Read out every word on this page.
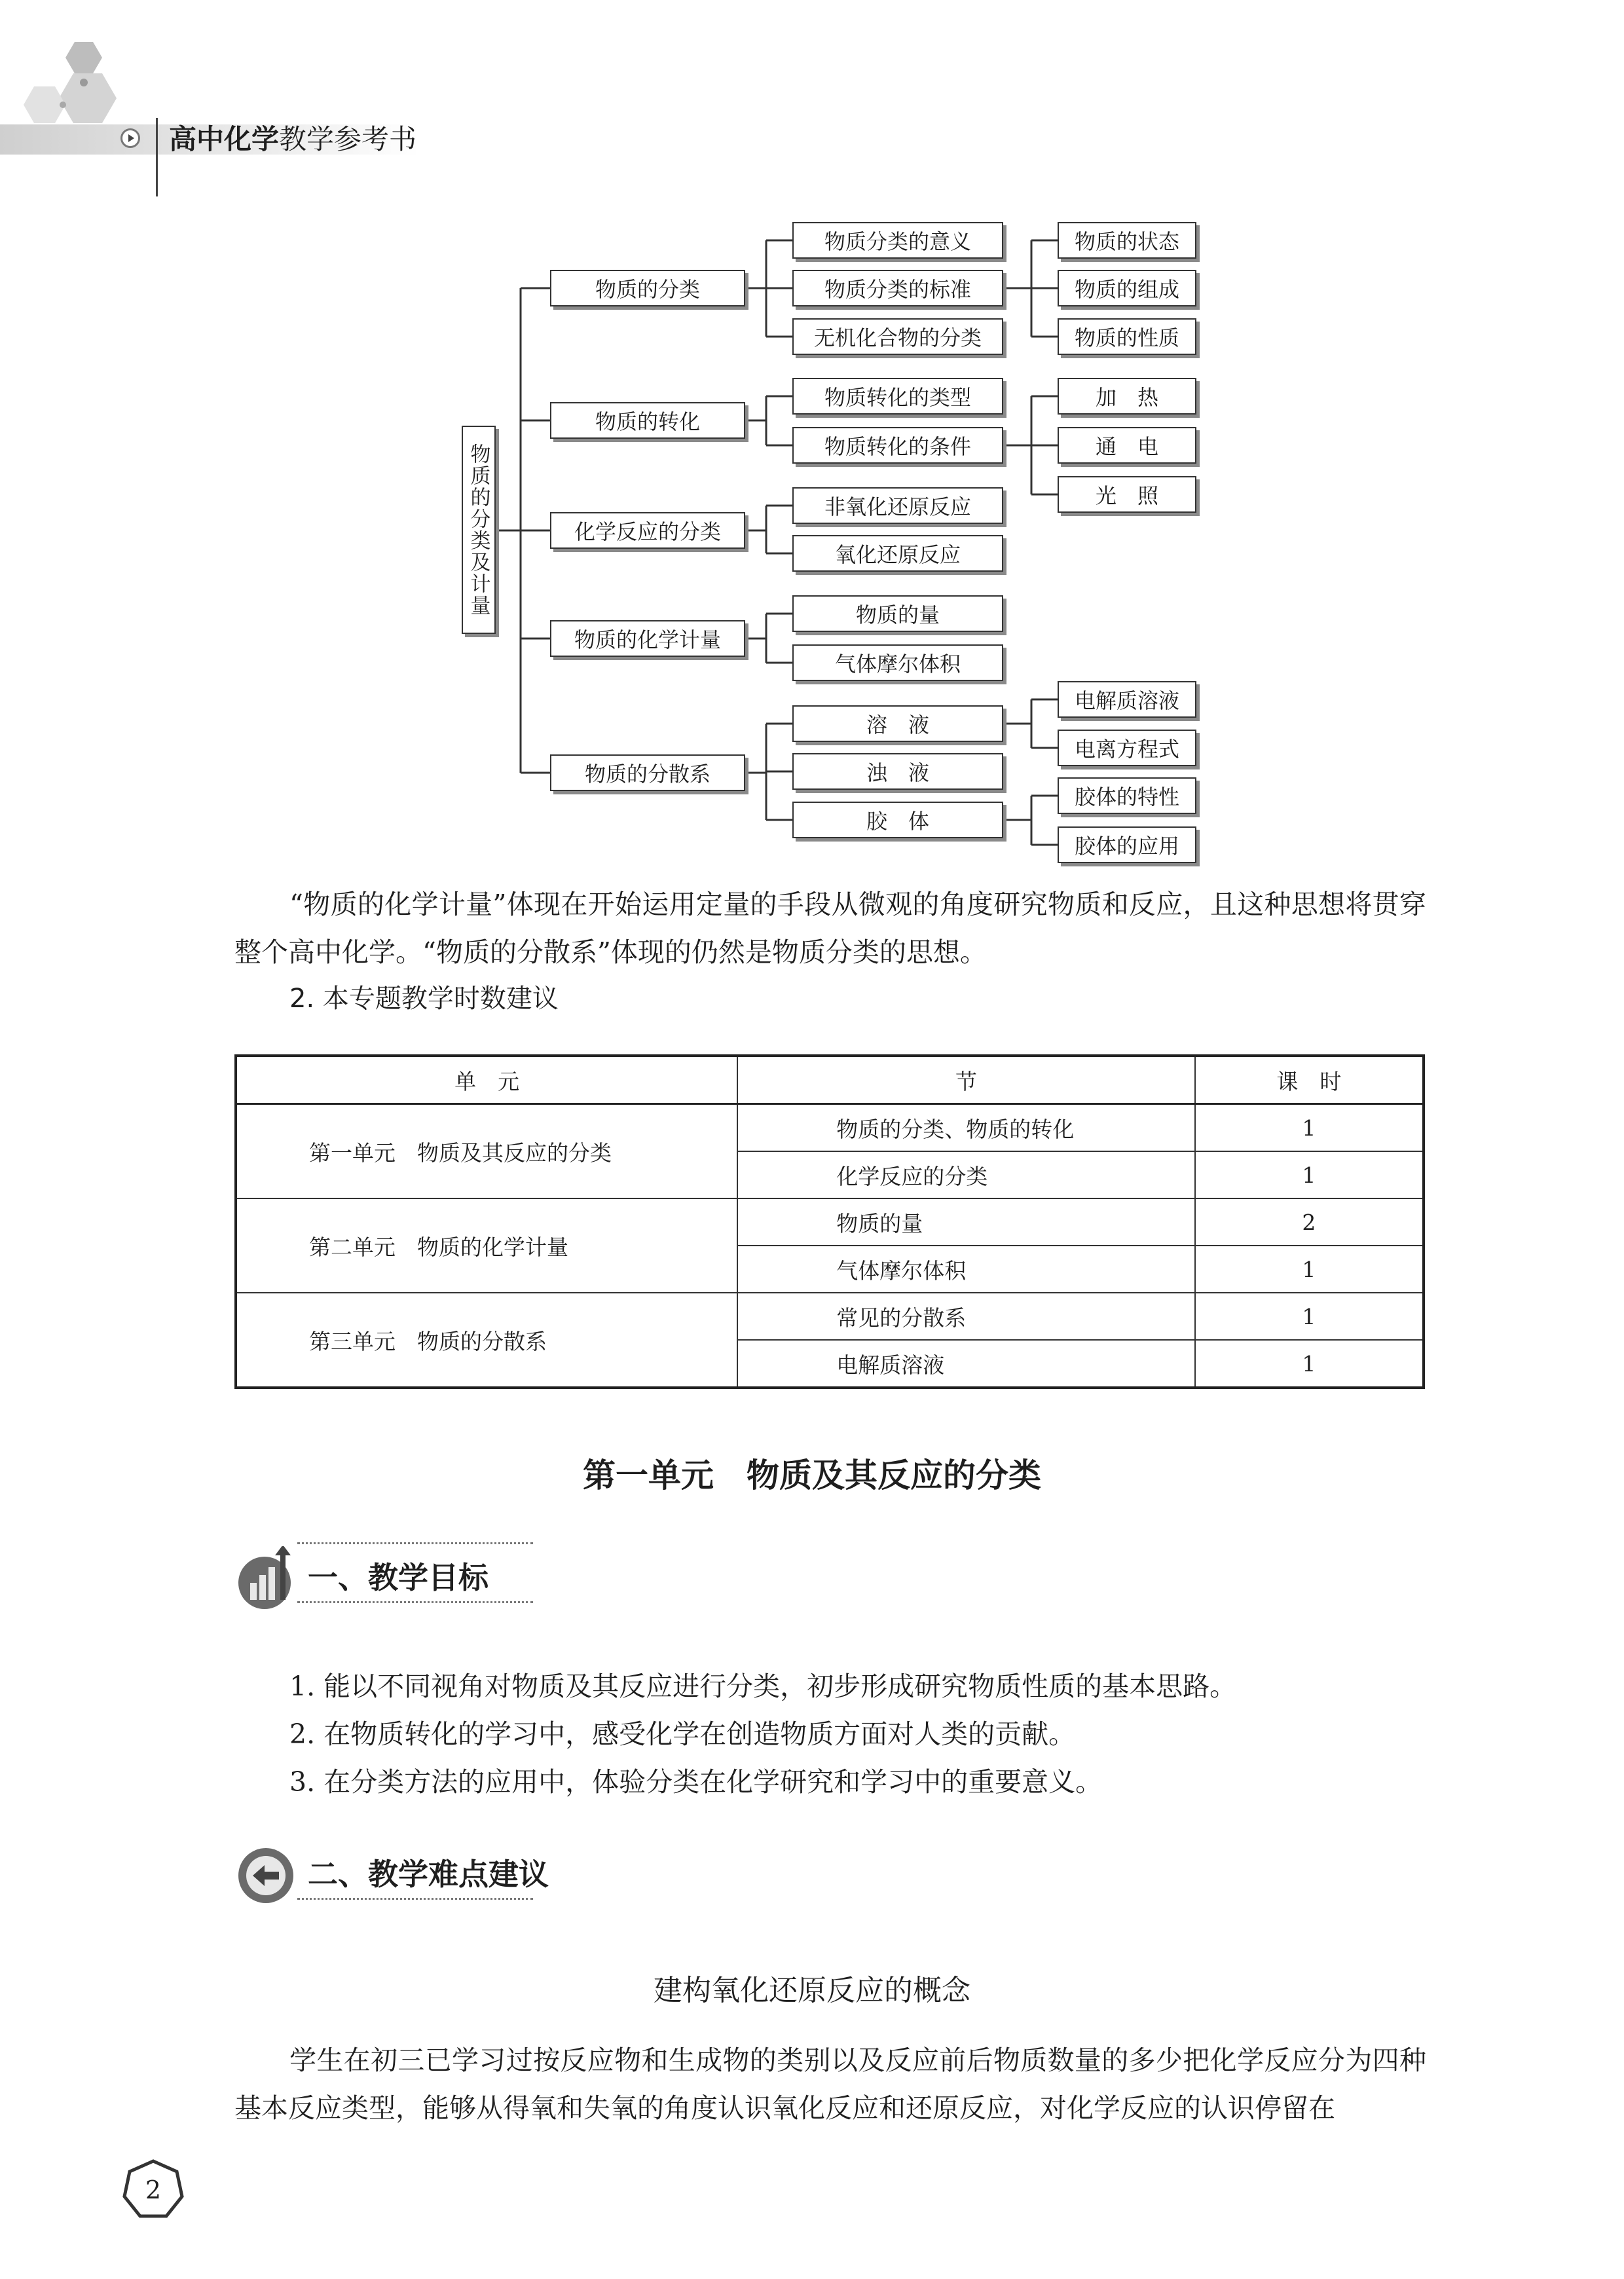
高中化学教学参考书
物质的分类及计量
物质的分类
物质分类的意义
物质分类的标准
无机化合物的分类
物质的状态
物质的组成
物质的性质
物质的转化
物质转化的类型
物质转化的条件
加　热
通　电
光　照
化学反应的分类
非氧化还原反应
氧化还原反应
物质的化学计量
物质的量
气体摩尔体积
物质的分散系
溶　液
浊　液
胶　体
电解质溶液
电离方程式
胶体的特性
胶体的应用
“物质的化学计量”体现在开始运用定量的手段从微观的角度研究物质和反应，且这种思想将贯穿整个高中化学。“物质的分散系”体现的仍然是物质分类的思想。
2. 本专题教学时数建议
单　元	节	课　时
第一单元　物质及其反应的分类	物质的分类、物质的转化	1
	化学反应的分类	1
第二单元　物质的化学计量	物质的量	2
	气体摩尔体积	1
第三单元　物质的分散系	常见的分散系	1
	电解质溶液	1
第一单元　物质及其反应的分类
一、教学目标
1. 能以不同视角对物质及其反应进行分类，初步形成研究物质性质的基本思路。
2. 在物质转化的学习中，感受化学在创造物质方面对人类的贡献。
3. 在分类方法的应用中，体验分类在化学研究和学习中的重要意义。
二、教学难点建议
建构氧化还原反应的概念
学生在初三已学习过按反应物和生成物的类别以及反应前后物质数量的多少把化学反应分为四种基本反应类型，能够从得氧和失氧的角度认识氧化反应和还原反应，对化学反应的认识停留在
2
